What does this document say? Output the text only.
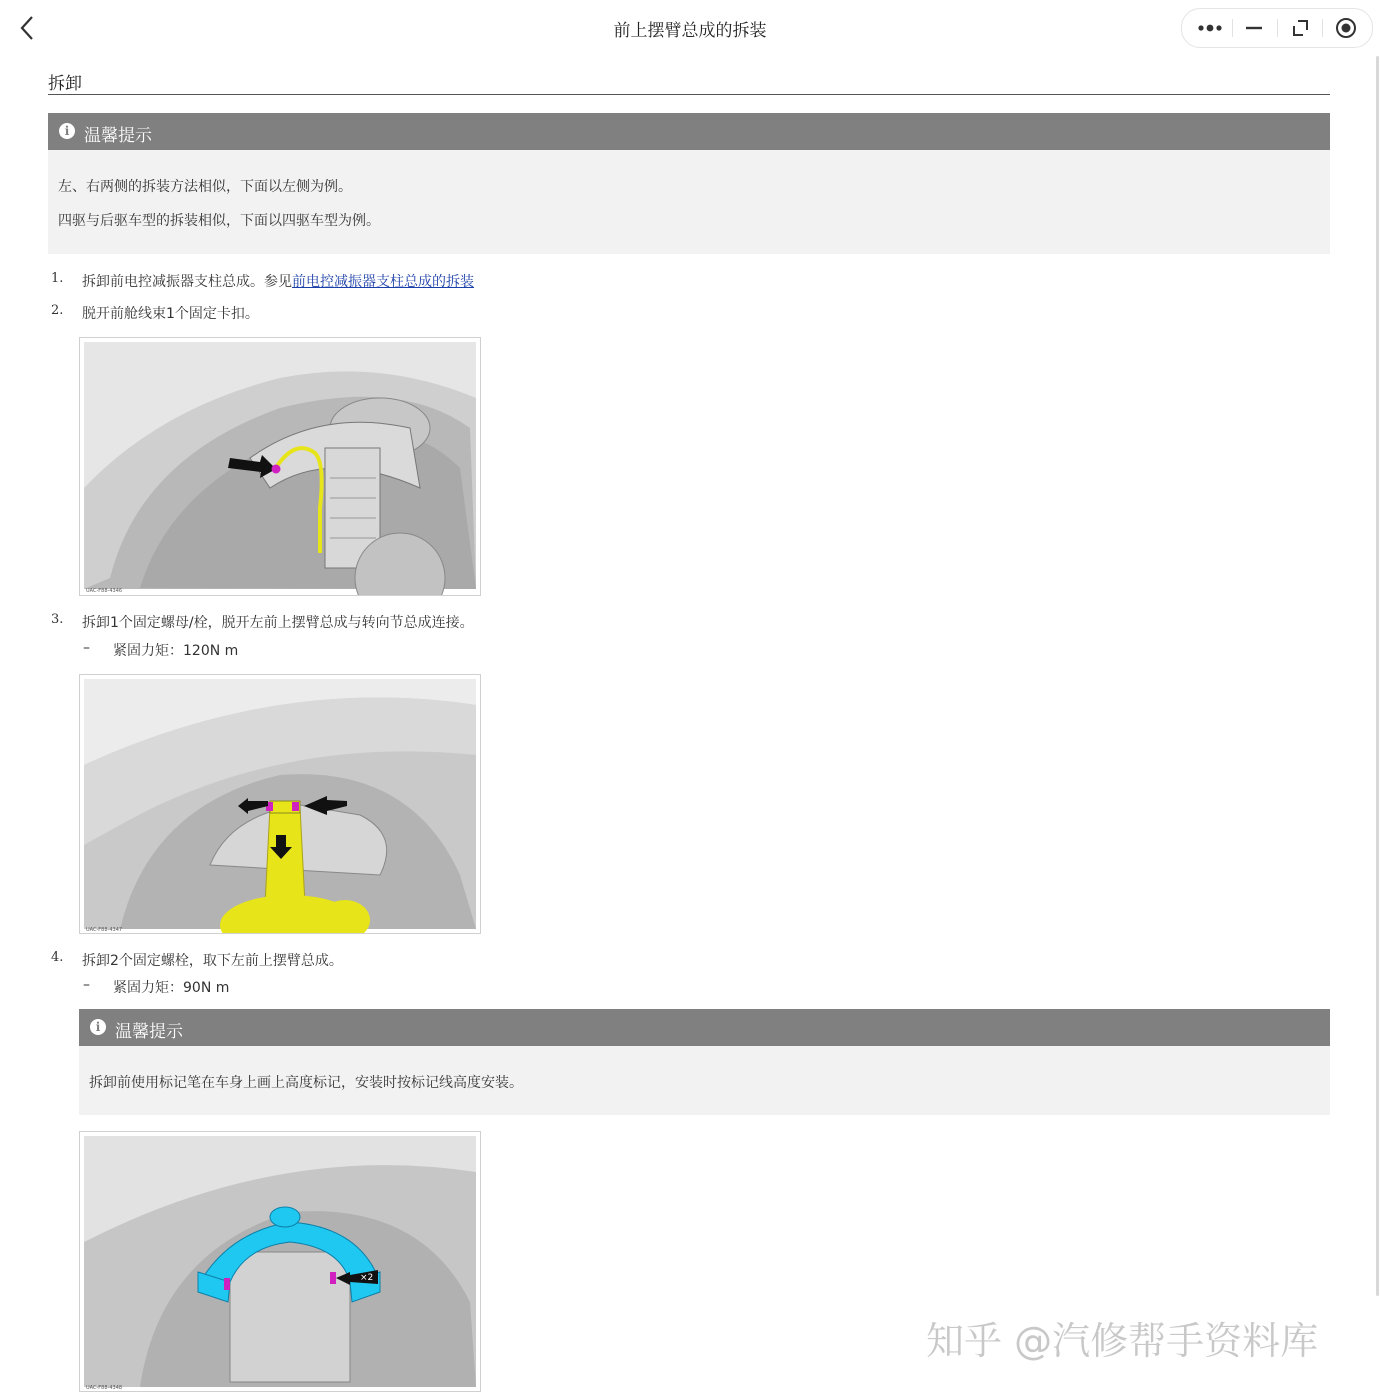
前上摆臂总成的拆装
拆卸
i 温馨提示
左、右两侧的拆装方法相似，下面以左侧为例。
四驱与后驱车型的拆装相似，下面以四驱车型为例。
1.	拆卸前电控减振器支柱总成。参见前电控减振器支柱总成的拆装
2.	脱开前舱线束1个固定卡扣。
UAC-F88-4346
3.	拆卸1个固定螺母/栓，脱开左前上摆臂总成与转向节总成连接。
– 紧固力矩：120N m
UAC-F88-4347
4.	拆卸2个固定螺栓，取下左前上摆臂总成。
– 紧固力矩：90N m
i 温馨提示
拆卸前使用标记笔在车身上画上高度标记，安装时按标记线高度安装。
×2
UAC-F88-4348
知乎 @汽修帮手资料库
